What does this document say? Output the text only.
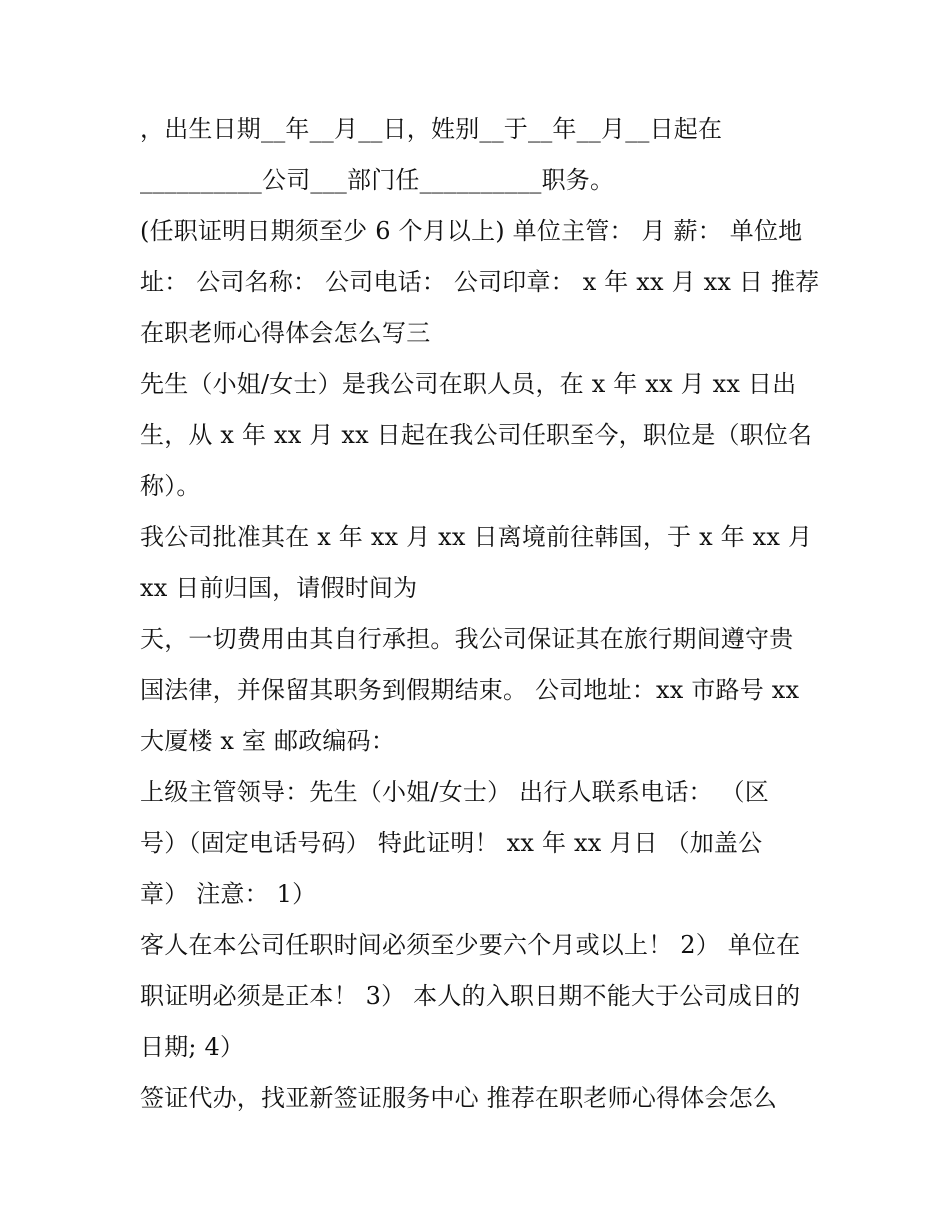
，出生日期__年__月__日，姓别__于__年__月__日起在
__________公司___部门任__________职务。
(任职证明日期须至少 6 个月以上) 单位主管： 月 薪： 单位地
址： 公司名称： 公司电话： 公司印章： x 年 xx 月 xx 日 推荐
在职老师心得体会怎么写三
先生（小姐/女士）是我公司在职人员，在 x 年 xx 月 xx 日出
生，从 x 年 xx 月 xx 日起在我公司任职至今，职位是（职位名
称）。
我公司批准其在 x 年 xx 月 xx 日离境前往韩国，于 x 年 xx 月
xx 日前归国，请假时间为
天，一切费用由其自行承担。我公司保证其在旅行期间遵守贵
国法律，并保留其职务到假期结束。 公司地址：xx 市路号 xx
大厦楼 x 室 邮政编码：
上级主管领导：先生（小姐/女士） 出行人联系电话： （区
号）（固定电话号码） 特此证明！ xx 年 xx 月日 （加盖公
章） 注意： 1）
客人在本公司任职时间必须至少要六个月或以上！ 2） 单位在
职证明必须是正本！ 3） 本人的入职日期不能大于公司成日的
日期; 4）
签证代办，找亚新签证服务中心 推荐在职老师心得体会怎么
